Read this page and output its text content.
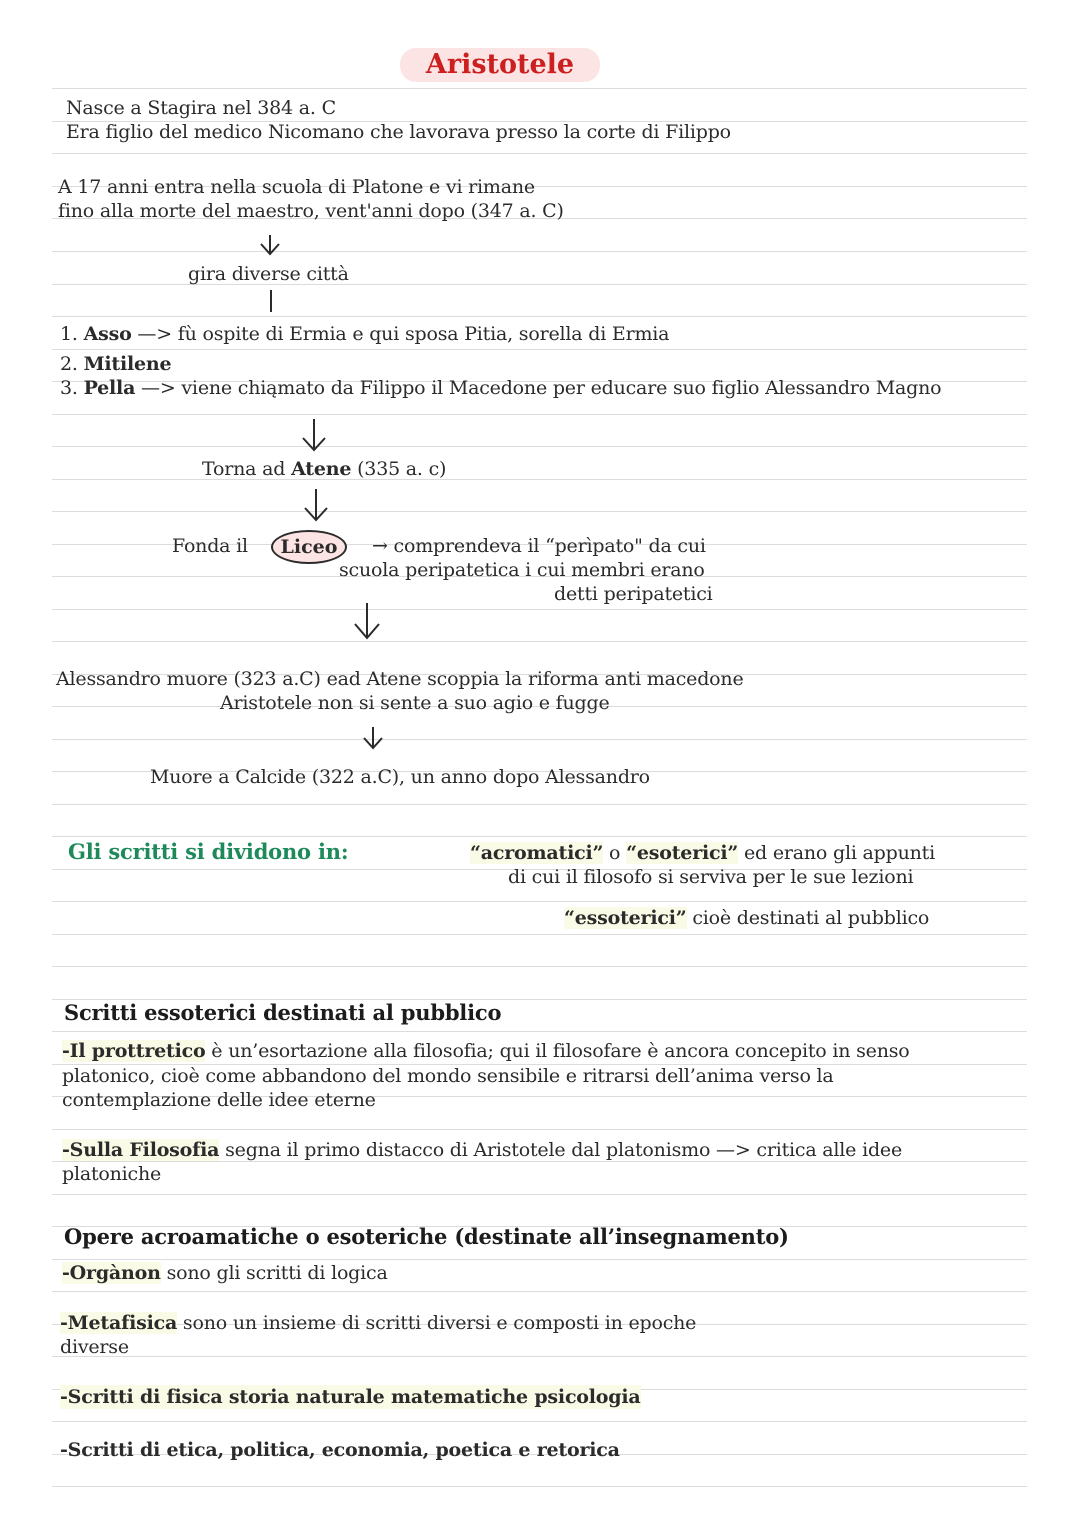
Aristotele
Nasce a Stagira nel 384 a. C
Era figlio del medico Nicomano che lavorava presso la corte di Filippo
A 17 anni entra nella scuola di Platone e vi rimane
fino alla morte del maestro, vent'anni dopo (347 a. C)
gira diverse città
1. Asso —> fù ospite di Ermia e qui sposa Pitia, sorella di Ermia
2. Mitilene
3. Pella —> viene chiąmato da Filippo il Macedone per educare suo figlio Alessandro Magno
Torna ad Atene (335 a. c)
Fonda il	Liceo	→ comprendeva il “perìpato" da cui
scuola peripatetica i cui membri erano
detti peripatetici
Alessandro muore (323 a.C) ead Atene scoppia la riforma anti macedone
Aristotele non si sente a suo agio e fugge
Muore a Calcide (322 a.C), un anno dopo Alessandro
Gli scritti si dividono in:	“acromatici” o “esoterici” ed erano gli appunti
di cui il filosofo si serviva per le sue lezioni
“essoterici” cioè destinati al pubblico
Scritti essoterici destinati al pubblico
-Il prottretico è un’esortazione alla filosofia; qui il filosofare è ancora concepito in senso
platonico, cioè come abbandono del mondo sensibile e ritrarsi dell’anima verso la
contemplazione delle idee eterne
-Sulla Filosofia segna il primo distacco di Aristotele dal platonismo —> critica alle idee
platoniche
Opere acroamatiche o esoteriche (destinate all’insegnamento)
-Orgànon sono gli scritti di logica
-Metafisica sono un insieme di scritti diversi e composti in epoche
diverse
-Scritti di fisica storia naturale matematiche psicologia
-Scritti di etica, politica, economia, poetica e retorica
